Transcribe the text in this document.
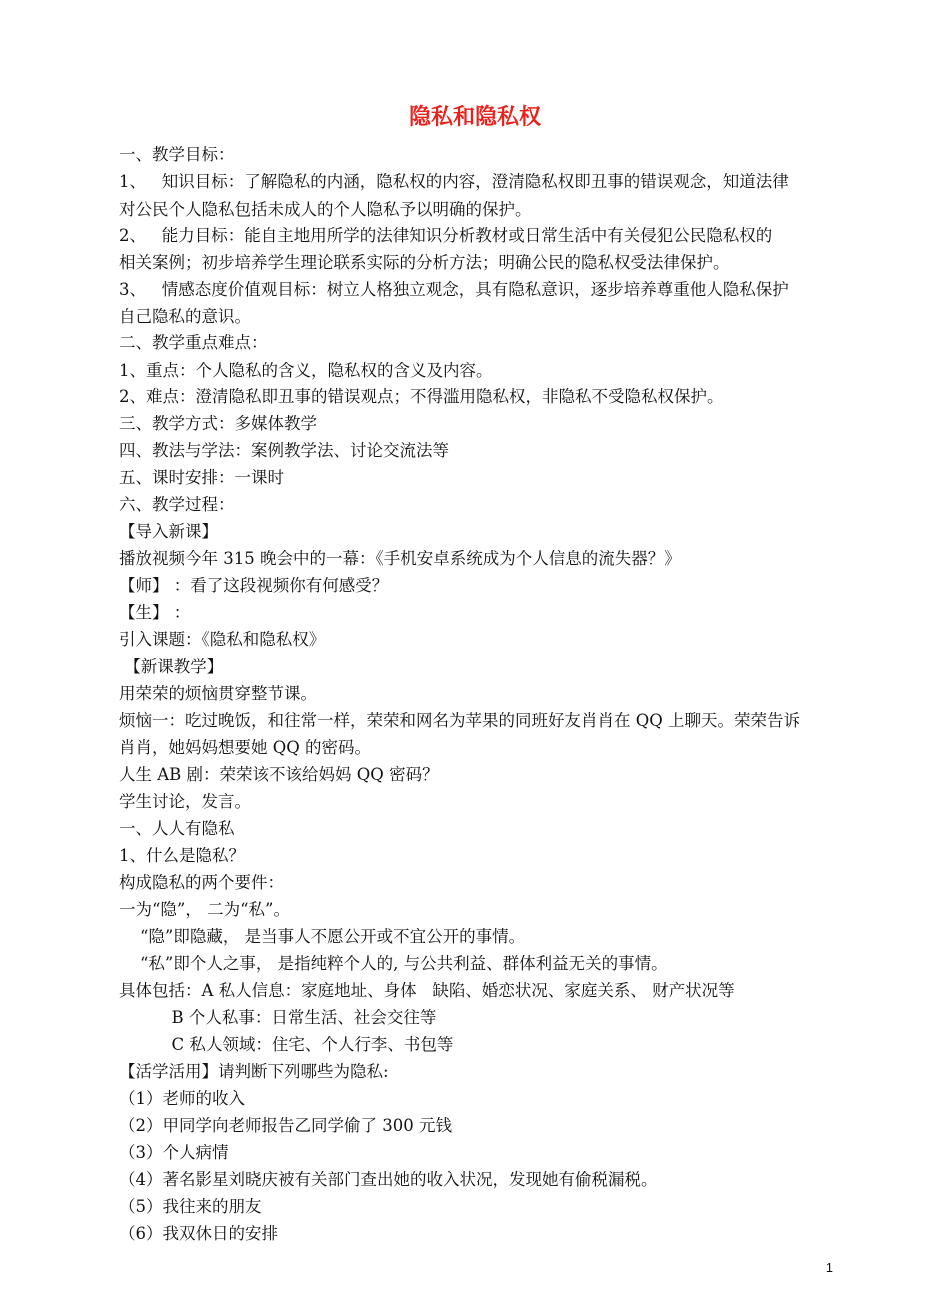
隐私和隐私权

一、教学目标：

1、   知识目标：了解隐私的内涵，隐私权的内容，澄清隐私权即丑事的错误观念，知道法律

对公民个人隐私包括未成人的个人隐私予以明确的保护。

2、   能力目标：能自主地用所学的法律知识分析教材或日常生活中有关侵犯公民隐私权的

相关案例；初步培养学生理论联系实际的分析方法；明确公民的隐私权受法律保护。

3、   情感态度价值观目标：树立人格独立观念，具有隐私意识，逐步培养尊重他人隐私保护

自己隐私的意识。

二、教学重点难点：

1、重点：个人隐私的含义，隐私权的含义及内容。

2、难点：澄清隐私即丑事的错误观点；不得滥用隐私权，非隐私不受隐私权保护。

三、教学方式：多媒体教学

四、教法与学法：案例教学法、讨论交流法等

五、课时安排：一课时

六、教学过程：

【导入新课】

播放视频今年 315 晚会中的一幕：《手机安卓系统成为个人信息的流失器？》

【师】 ：看了这段视频你有何感受？

【生】 ：

引入课题：《隐私和隐私权》

【新课教学】

用荣荣的烦恼贯穿整节课。

烦恼一：吃过晚饭，和往常一样，荣荣和网名为苹果的同班好友肖肖在 QQ 上聊天。荣荣告诉

肖肖，她妈妈想要她 QQ 的密码。

人生 AB 剧：荣荣该不该给妈妈 QQ 密码？

学生讨论，发言。

一、人人有隐私

1、什么是隐私？

构成隐私的两个要件：

一为“隐”， 二为“私”。

“隐”即隐藏， 是当事人不愿公开或不宜公开的事情。

“私”即个人之事， 是指纯粹个人的, 与公共利益、群体利益无关的事情。

具体包括：A 私人信息：家庭地址、身体   缺陷、婚恋状况、家庭关系、 财产状况等

B 个人私事：日常生活、社会交往等

C 私人领域：住宅、个人行李、书包等

【活学活用】请判断下列哪些为隐私:

（1）老师的收入

（2）甲同学向老师报告乙同学偷了 300 元钱

（3）个人病情

（4）著名影星刘晓庆被有关部门查出她的收入状况，发现她有偷税漏税。

（5）我往来的朋友

（6）我双休日的安排

1
